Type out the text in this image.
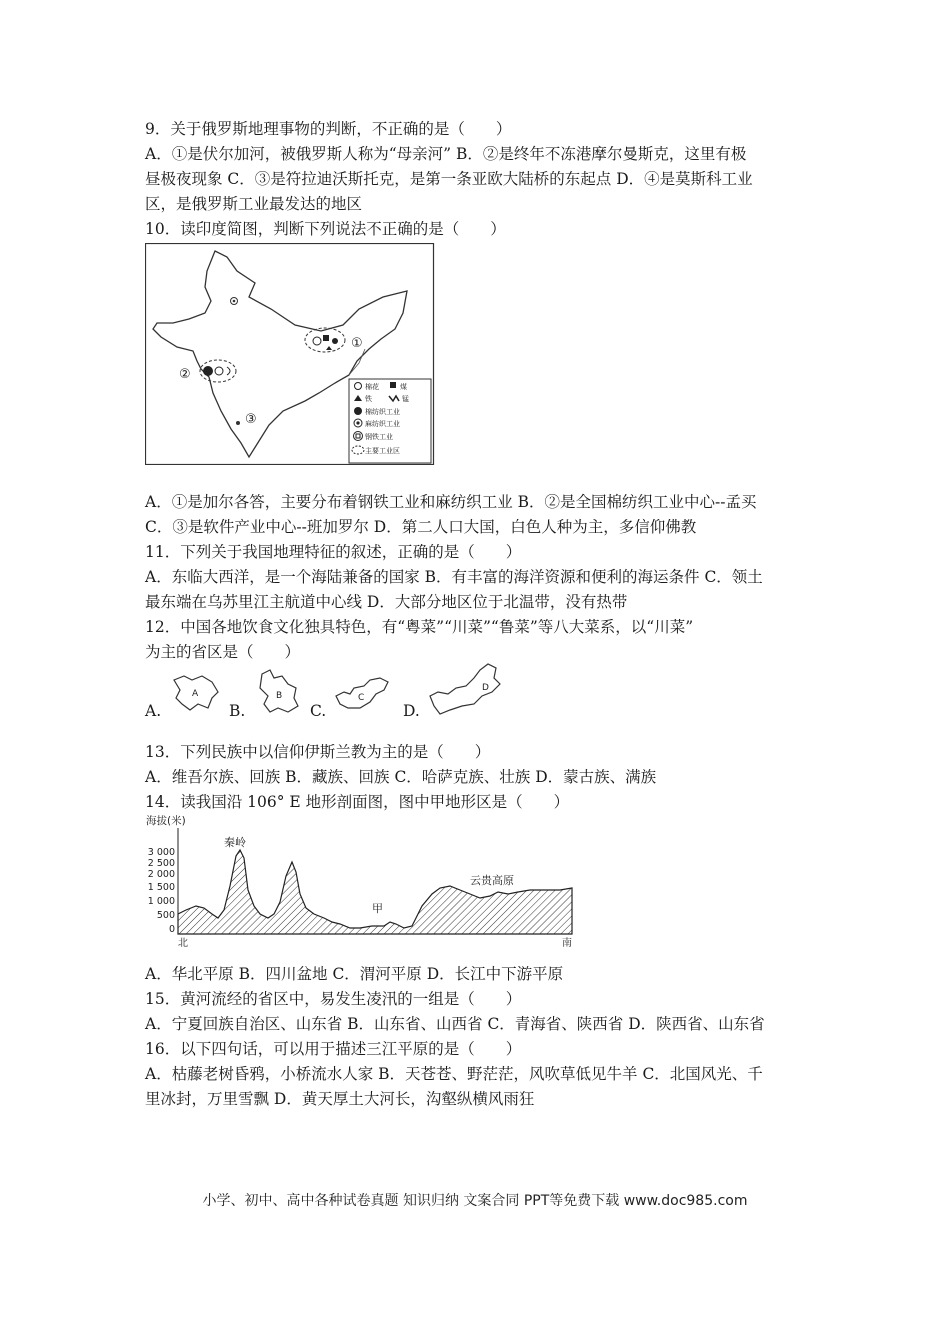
9．关于俄罗斯地理事物的判断，不正确的是（　　）
A．①是伏尔加河，被俄罗斯人称为“母亲河” B．②是终年不冻港摩尔曼斯克，这里有极
昼极夜现象 C．③是符拉迪沃斯托克，是第一条亚欧大陆桥的东起点 D．④是莫斯科工业
区，是俄罗斯工业最发达的地区
10．读印度简图，判断下列说法不正确的是（　　）
①
②
③
棉花	煤
铁	锰
棉纺织工业
麻纺织工业
钢铁工业
主要工业区
A．①是加尔各答，主要分布着钢铁工业和麻纺织工业 B．②是全国棉纺织工业中心--孟买
C．③是软件产业中心--班加罗尔 D．第二人口大国，白色人种为主，多信仰佛教
11．下列关于我国地理特征的叙述，正确的是（　　）
A．东临大西洋，是一个海陆兼备的国家 B．有丰富的海洋资源和便利的海运条件 C．领土
最东端在乌苏里江主航道中心线 D．大部分地区位于北温带，没有热带
12．中国各地饮食文化独具特色，有“粤菜”“川菜”“鲁菜”等八大菜系，以“川菜”
为主的省区是（　　）
A.
A
B.
B
C.
C
D.
D
13．下列民族中以信仰伊斯兰教为主的是（　　）
A．维吾尔族、回族 B．藏族、回族 C．哈萨克族、壮族 D．蒙古族、满族
14．读我国沿 106° E 地形剖面图，图中甲地形区是（　　）
海拔(米)
3 000
2 500
2 000
1 500
1 000
500
0
秦岭
甲
云贵高原
北	南
A．华北平原 B．四川盆地 C．渭河平原 D．长江中下游平原
15．黄河流经的省区中，易发生凌汛的一组是（　　）
A．宁夏回族自治区、山东省 B．山东省、山西省 C．青海省、陕西省 D．陕西省、山东省
16．以下四句话，可以用于描述三江平原的是（　　）
A．枯藤老树昏鸦，小桥流水人家 B．天苍苍、野茫茫，风吹草低见牛羊 C．北国风光、千
里冰封，万里雪飘 D．黄天厚土大河长，沟壑纵横风雨狂
小学、初中、高中各种试卷真题 知识归纳 文案合同 PPT等免费下载 www.doc985.com
